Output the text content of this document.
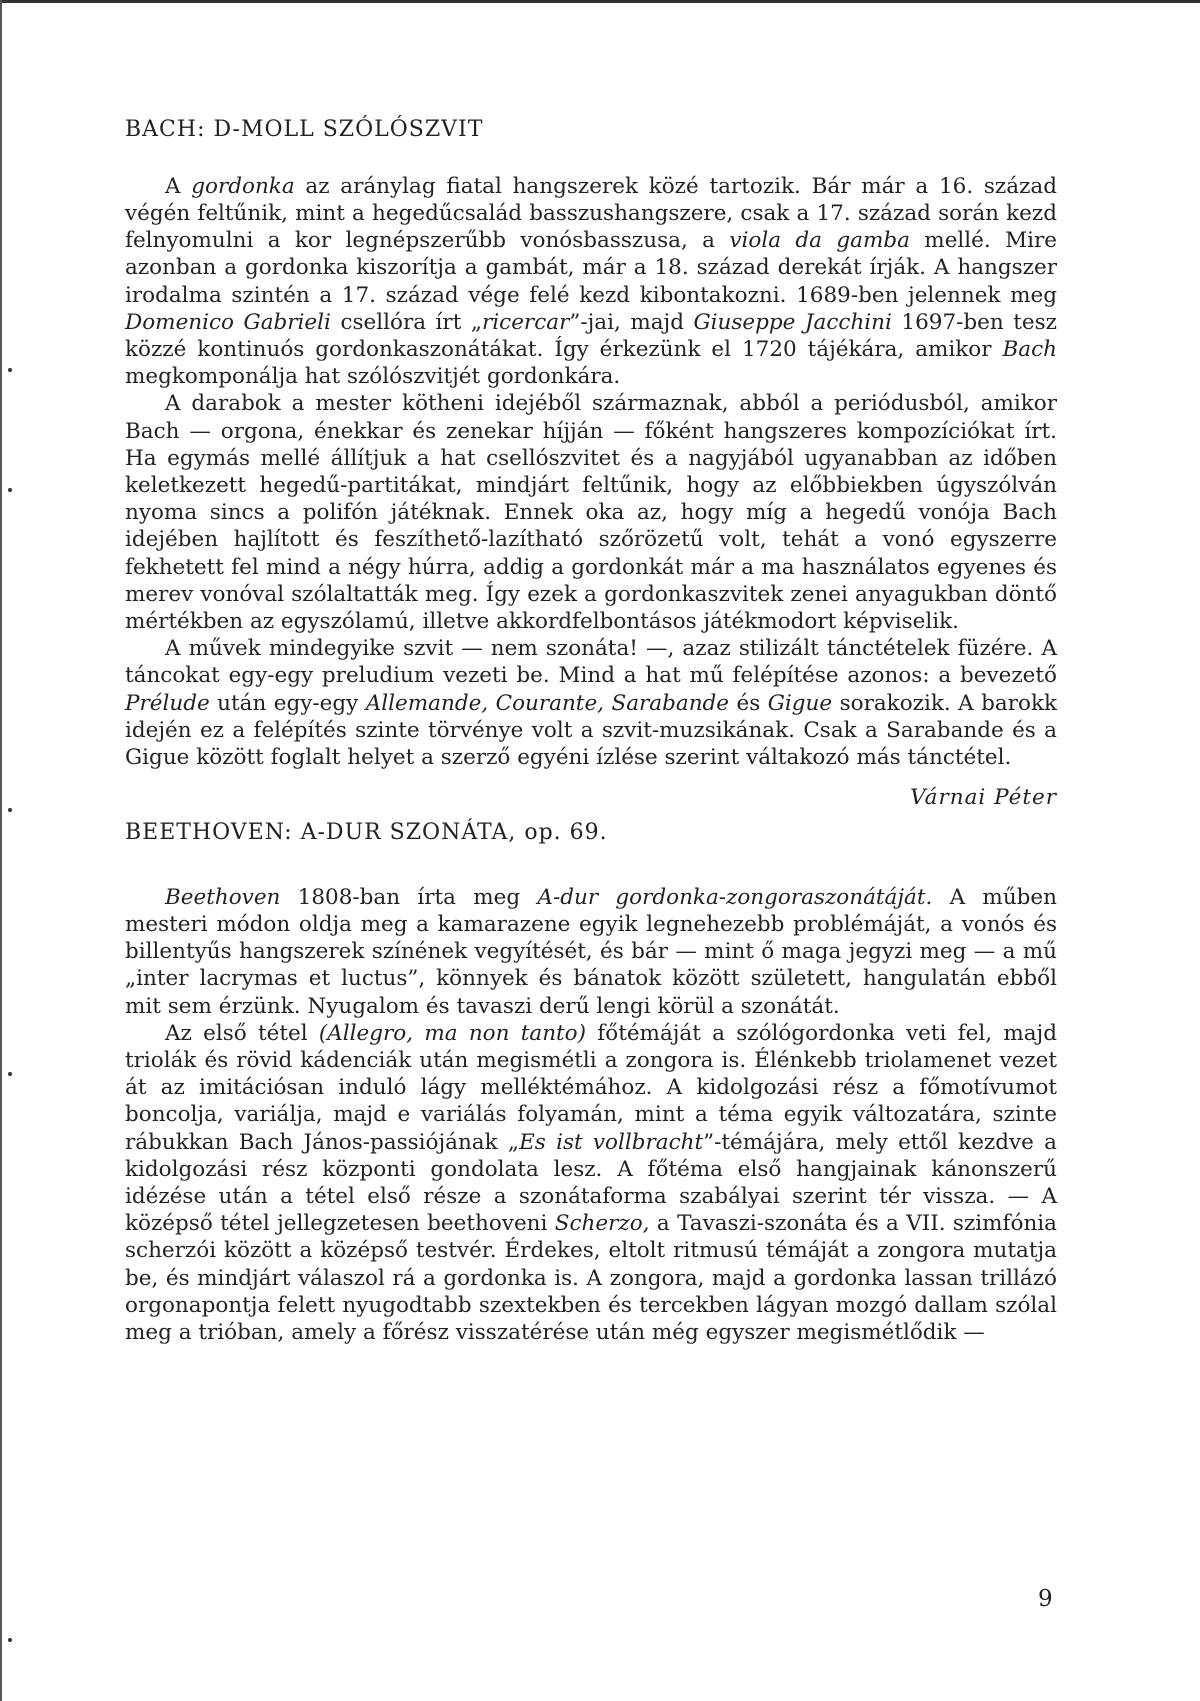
BACH: D-MOLL SZÓLÓSZVIT

A gordonka az aránylag fiatal hangszerek közé tartozik. Bár már a 16. század végén feltűnik, mint a hegedűcsalád basszushangszere, csak a 17. század során kezd felnyomulni a kor legnépszerűbb vonósbasszusa, a viola da gamba mellé. Mire azonban a gordonka kiszorítja a gambát, már a 18. század derekát írják. A hangszer irodalma szintén a 17. század vége felé kezd kibontakozni. 1689-ben jelennek meg Domenico Gabrieli csellóra írt „ricercar”-jai, majd Giuseppe Jacchini 1697-ben tesz közzé kontinuós gordonkaszonátákat. Így érkezünk el 1720 tájékára, amikor Bach megkomponálja hat szólószvitjét gordonkára.

A darabok a mester kötheni idejéből származnak, abból a periódusból, amikor Bach — orgona, énekkar és zenekar híjján — főként hangszeres kompozíciókat írt. Ha egymás mellé állítjuk a hat csellószvitet és a nagyjából ugyanabban az időben keletkezett hegedű-partitákat, mindjárt feltűnik, hogy az előbbiekben úgyszólván nyoma sincs a polifón játéknak. Ennek oka az, hogy míg a hegedű vonója Bach idejében hajlított és feszíthető-lazítható szőrözetű volt, tehát a vonó egyszerre fekhetett fel mind a négy húrra, addig a gordonkát már a ma használatos egyenes és merev vonóval szólaltatták meg. Így ezek a gordonkaszvitek zenei anyagukban döntő mértékben az egyszólamú, illetve akkordfelbontásos játékmodort képviselik.

A művek mindegyike szvit — nem szonáta! —, azaz stilizált tánctételek füzére. A táncokat egy-egy preludium vezeti be. Mind a hat mű felépítése azonos: a bevezető Prélude után egy-egy Allemande, Courante, Sarabande és Gigue sorakozik. A barokk idején ez a felépítés szinte törvénye volt a szvit-muzsikának. Csak a Sarabande és a Gigue között foglalt helyet a szerző egyéni ízlése szerint váltakozó más tánctétel.

Várnai Péter
BEETHOVEN: A-DUR SZONÁTA, op. 69.

Beethoven 1808-ban írta meg A-dur gordonka-zongoraszonátáját. A műben mesteri módon oldja meg a kamarazene egyik legnehezebb problémáját, a vonós és billentyűs hangszerek színének vegyítését, és bár — mint ő maga jegyzi meg — a mű „inter lacrymas et luctus”, könnyek és bánatok között született, hangulatán ebből mit sem érzünk. Nyugalom és tavaszi derű lengi körül a szonátát.

Az első tétel (Allegro, ma non tanto) főtémáját a szólógordonka veti fel, majd triolák és rövid kádenciák után megismétli a zongora is. Élénkebb triolamenet vezet át az imitációsan induló lágy melléktémához. A kidolgozási rész a főmotívumot boncolja, variálja, majd e variálás folyamán, mint a téma egyik változatára, szinte rábukkan Bach János-passiójának „Es ist vollbracht”-témájára, mely ettől kezdve a kidolgozási rész központi gondolata lesz. A főtéma első hangjainak kánonszerű idézése után a tétel első része a szonátaforma szabályai szerint tér vissza. — A középső tétel jellegzetesen beethoveni Scherzo, a Tavaszi-szonáta és a VII. szimfónia scherzói között a középső testvér. Érdekes, eltolt ritmusú témáját a zongora mutatja be, és mindjárt válaszol rá a gordonka is. A zongora, majd a gordonka lassan trillázó orgonapontja felett nyugodtabb szextekben és tercekben lágyan mozgó dallam szólal meg a trióban, amely a főrész visszatérése után még egyszer megismétlődik —

9
